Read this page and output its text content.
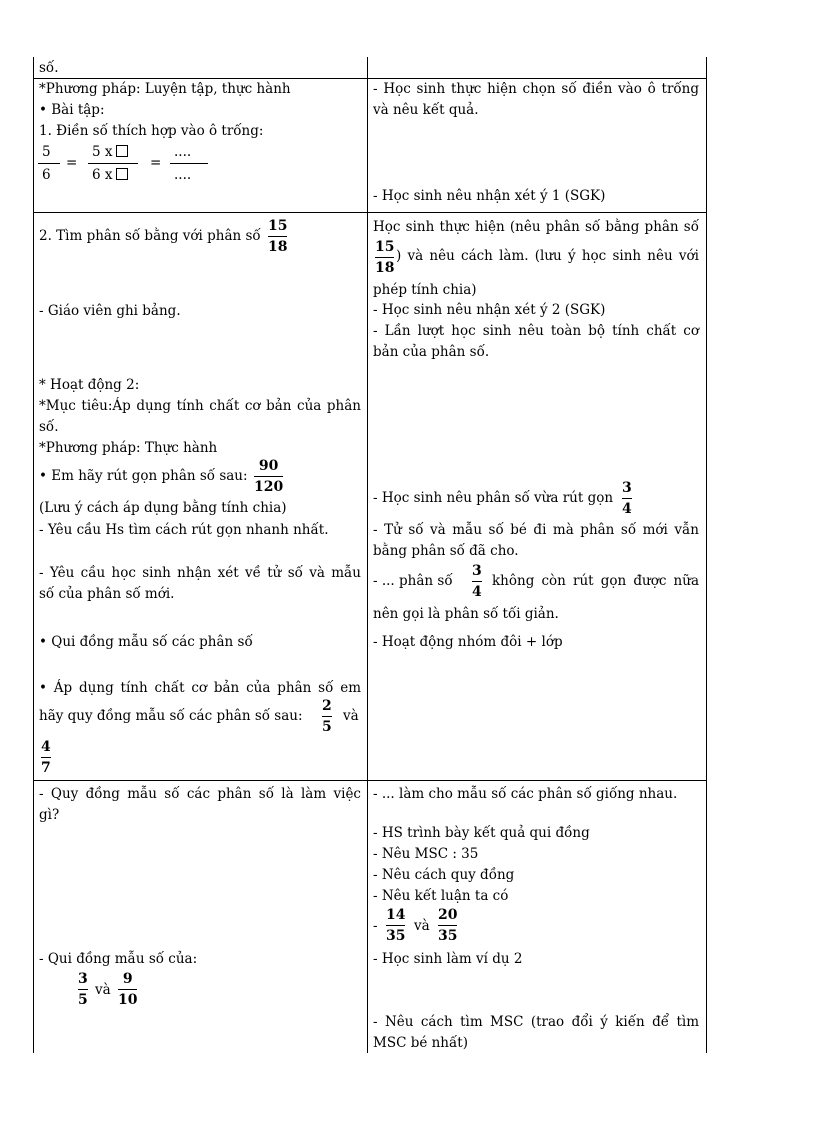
số.
*Phương pháp: Luyện tập, thực hành
• Bài tập:
1. Điền số thích hợp vào ô trống:
5
6
=
5 x
6 x
=
....
....
- Học sinh thực hiện chọn số điền vào ô trống
và nêu kết quả.
- Học sinh nêu nhận xét ý 1 (SGK)
2. Tìm phân số bằng với phân số
15
18
- Giáo viên ghi bảng.
* Hoạt động 2:
*Mục tiêu:Áp dụng tính chất cơ bản của phân
số.
*Phương pháp: Thực hành
• Em hãy rút gọn phân số sau:
90
120
(Lưu ý cách áp dụng bằng tính chia)
- Yêu cầu Hs tìm cách rút gọn nhanh nhất.
- Yêu cầu học sinh nhận xét về tử số và mẫu
số của phân số mới.
• Qui đồng mẫu số các phân số
• Áp dụng tính chất cơ bản của phân số em
hãy quy đồng mẫu số các phân số sau:
2
5
và
4
7
Học sinh thực hiện (nêu phân số bằng phân số
15
18
) và nêu cách làm. (lưu ý học sinh nêu với
phép tính chia)
- Học sinh nêu nhận xét ý 2 (SGK)
- Lần lượt học sinh nêu toàn bộ tính chất cơ
bản của phân số.
- Học sinh nêu phân số vừa rút gọn
3
4
- Tử số và mẫu số bé đi mà phân số mới vẫn
bằng phân số đã cho.
- ... phân số
3
4
không còn rút gọn được nữa
nên gọi là phân số tối giản.
- Hoạt động nhóm đôi + lớp
- Quy đồng mẫu số các phân số là làm việc
gì?
- Qui đồng mẫu số của:
3
5
và
9
10
- ... làm cho mẫu số các phân số giống nhau.
- HS trình bày kết quả qui đồng
- Nêu MSC : 35
- Nêu cách quy đồng
- Nêu kết luận ta có
-
14
35
và
20
35
- Học sinh làm ví dụ 2
- Nêu cách tìm MSC (trao đổi ý kiến để tìm
MSC bé nhất)
